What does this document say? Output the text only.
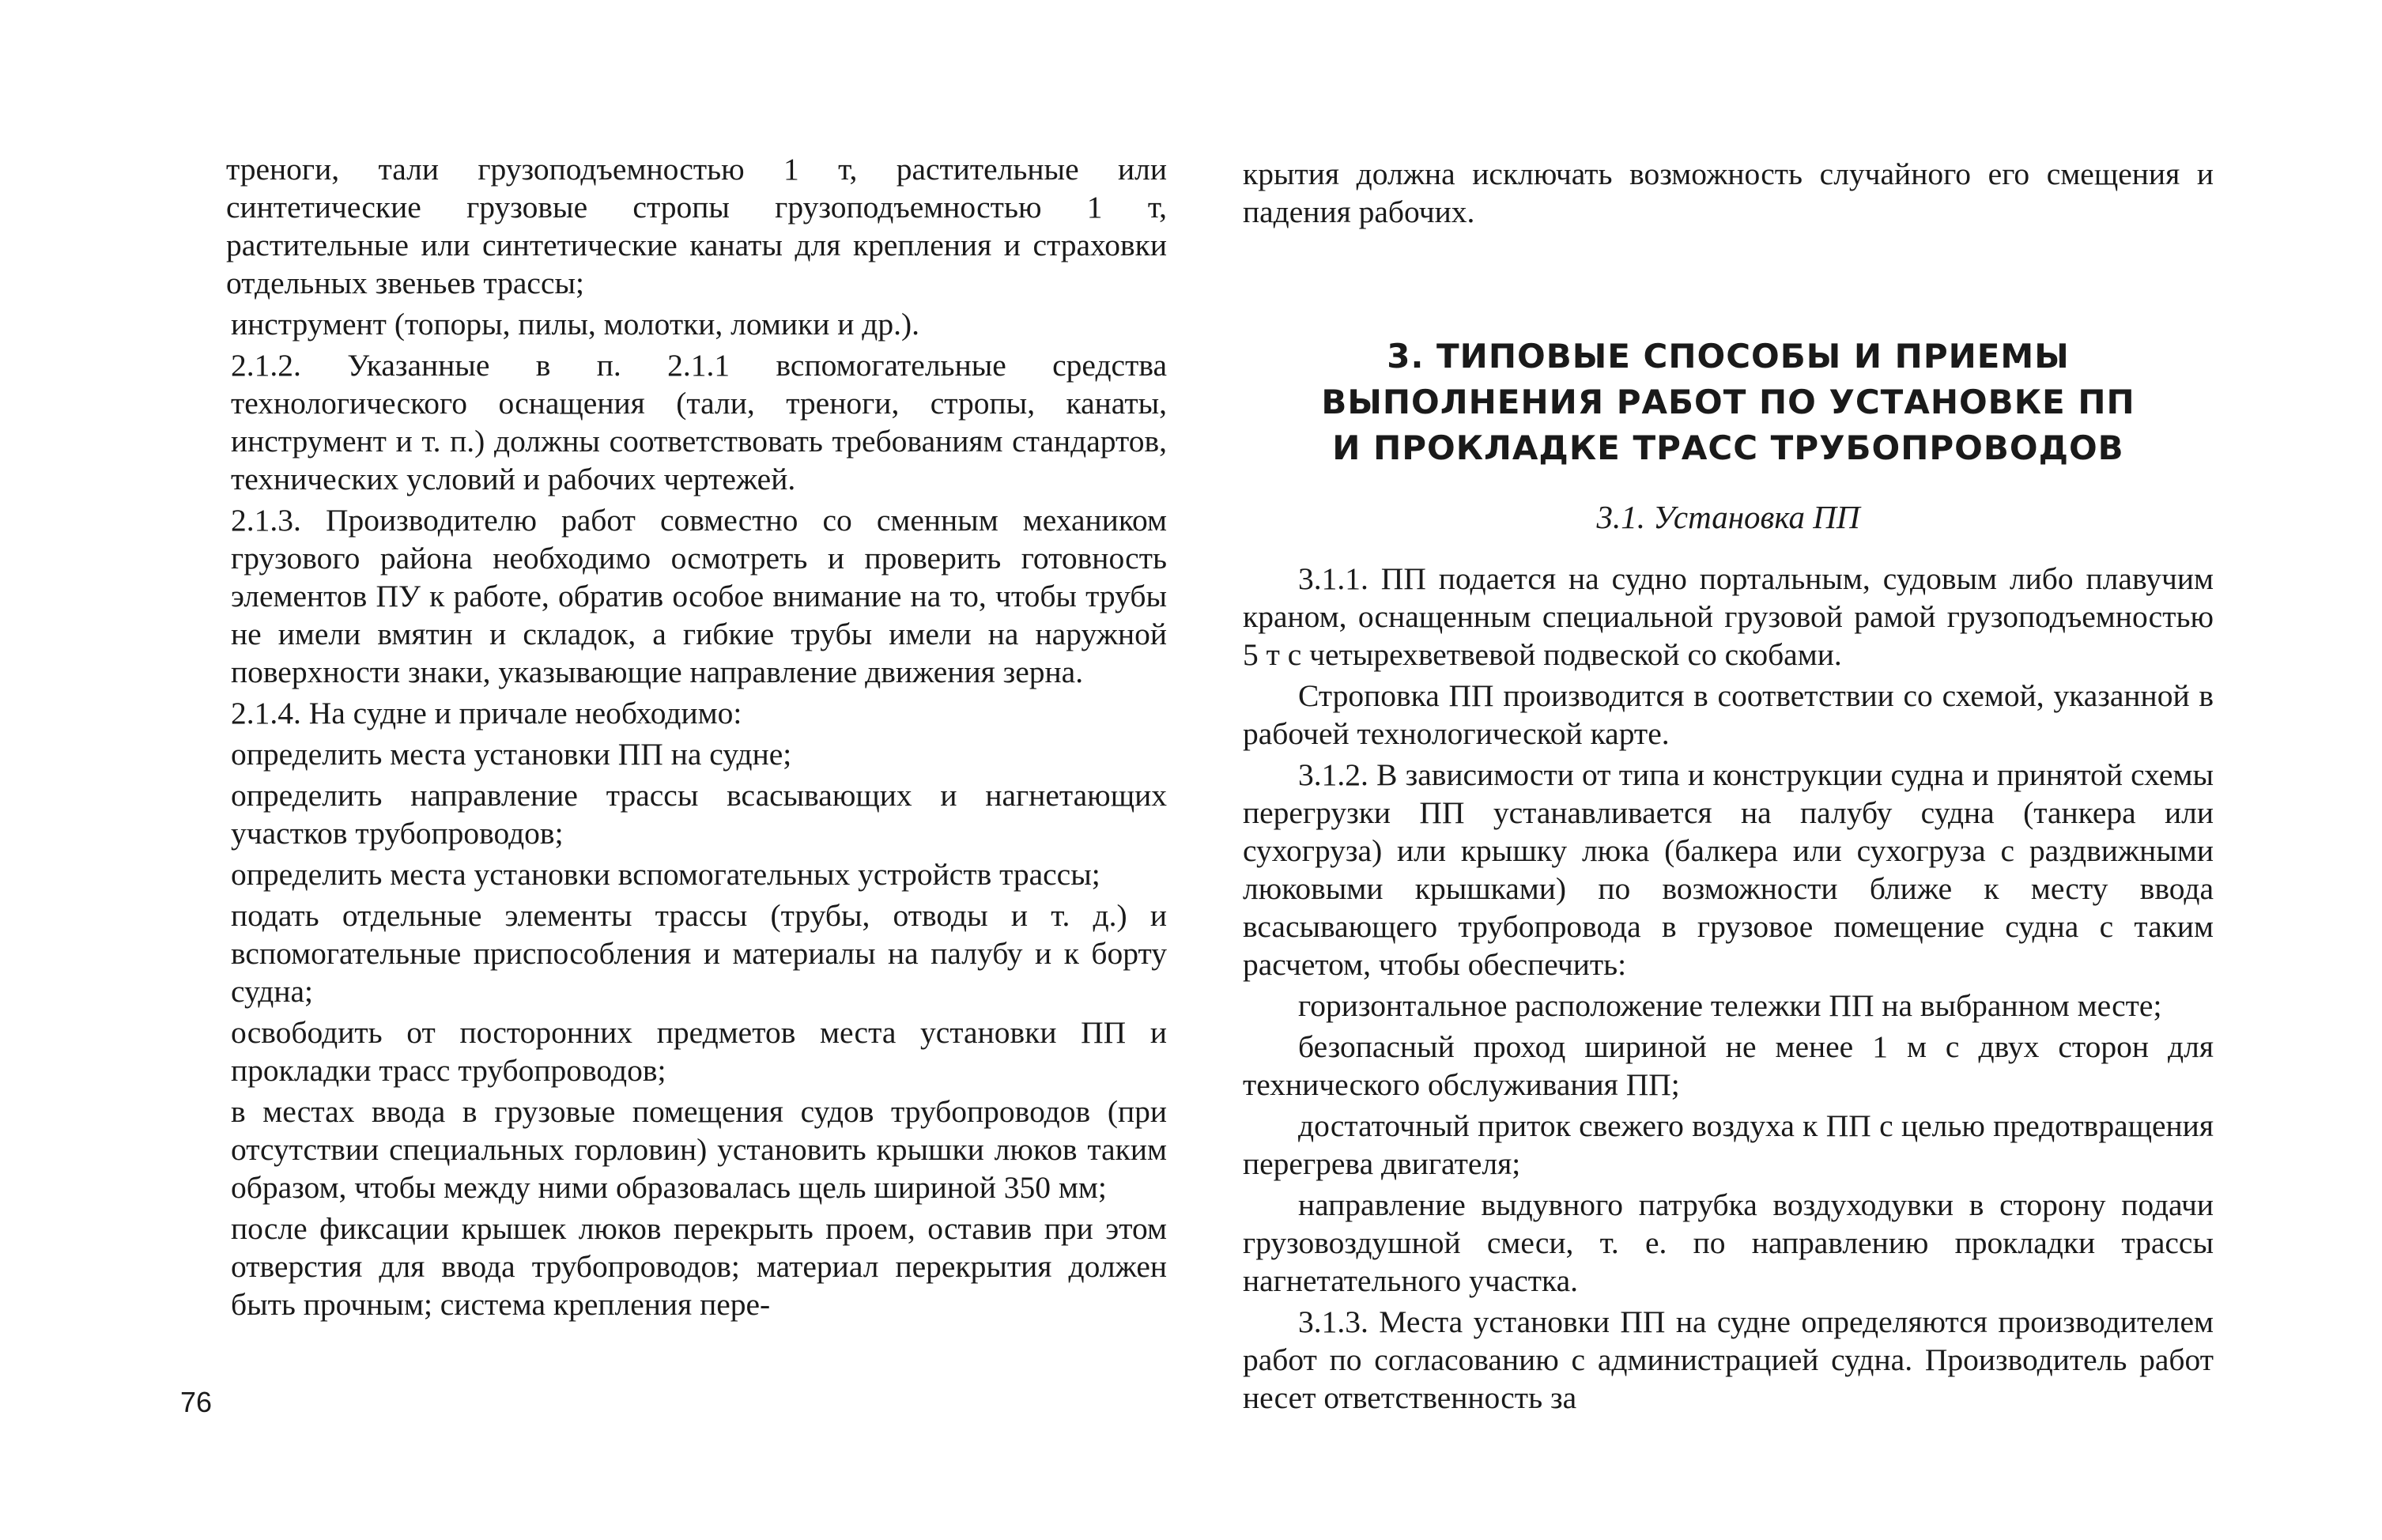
треноги, тали грузоподъемностью 1 т, растительные или синтетические грузовые стропы грузоподъемностью 1 т, растительные или синтетические канаты для крепления и страховки отдельных звеньев трассы;

инструмент (топоры, пилы, молотки, ломики и др.).

2.1.2. Указанные в п. 2.1.1 вспомогательные средства технологического оснащения (тали, треноги, стропы, канаты, инструмент и т. п.) должны соответствовать требованиям стандартов, технических условий и рабочих чертежей.

2.1.3. Производителю работ совместно со сменным механиком грузового района необходимо осмотреть и проверить готовность элементов ПУ к работе, обратив особое внимание на то, чтобы трубы не имели вмятин и складок, а гибкие трубы имели на наружной поверхности знаки, указывающие направление движения зерна.

2.1.4. На судне и причале необходимо:

определить места установки ПП на судне;

определить направление трассы всасывающих и нагнетающих участков трубопроводов;

определить места установки вспомогательных устройств трассы;

подать отдельные элементы трассы (трубы, отводы и т. д.) и вспомогательные приспособления и материалы на палубу и к борту судна;

освободить от посторонних предметов места установки ПП и прокладки трасс трубопроводов;

в местах ввода в грузовые помещения судов трубопроводов (при отсутствии специальных горловин) установить крышки люков таким образом, чтобы между ними образовалась щель шириной 350 мм;

после фиксации крышек люков перекрыть проем, оставив при этом отверстия для ввода трубопроводов; материал перекрытия должен быть прочным; система крепления пере-

76

крытия должна исключать возможность случайного его смещения и падения рабочих.

3. ТИПОВЫЕ СПОСОБЫ И ПРИЕМЫ
ВЫПОЛНЕНИЯ РАБОТ ПО УСТАНОВКЕ ПП
И ПРОКЛАДКЕ ТРАСС ТРУБОПРОВОДОВ
3.1. Установка ПП

3.1.1. ПП подается на судно портальным, судовым либо плавучим краном, оснащенным специальной грузовой рамой грузоподъемностью 5 т с четырехветвевой подвеской со скобами.

Строповка ПП производится в соответствии со схемой, указанной в рабочей технологической карте.

3.1.2. В зависимости от типа и конструкции судна и принятой схемы перегрузки ПП устанавливается на палубу судна (танкера или сухогруза) или крышку люка (балкера или сухогруза с раздвижными люковыми крышками) по возможности ближе к месту ввода всасывающего трубопровода в грузовое помещение судна с таким расчетом, чтобы обеспечить:

горизонтальное расположение тележки ПП на выбранном месте;

безопасный проход шириной не менее 1 м с двух сторон для технического обслуживания ПП;

достаточный приток свежего воздуха к ПП с целью предотвращения перегрева двигателя;

направление выдувного патрубка воздуходувки в сторону подачи грузовоздушной смеси, т. е. по направлению прокладки трассы нагнетательного участка.

3.1.3. Места установки ПП на судне определяются производителем работ по согласованию с администрацией судна. Производитель работ несет ответственность за
